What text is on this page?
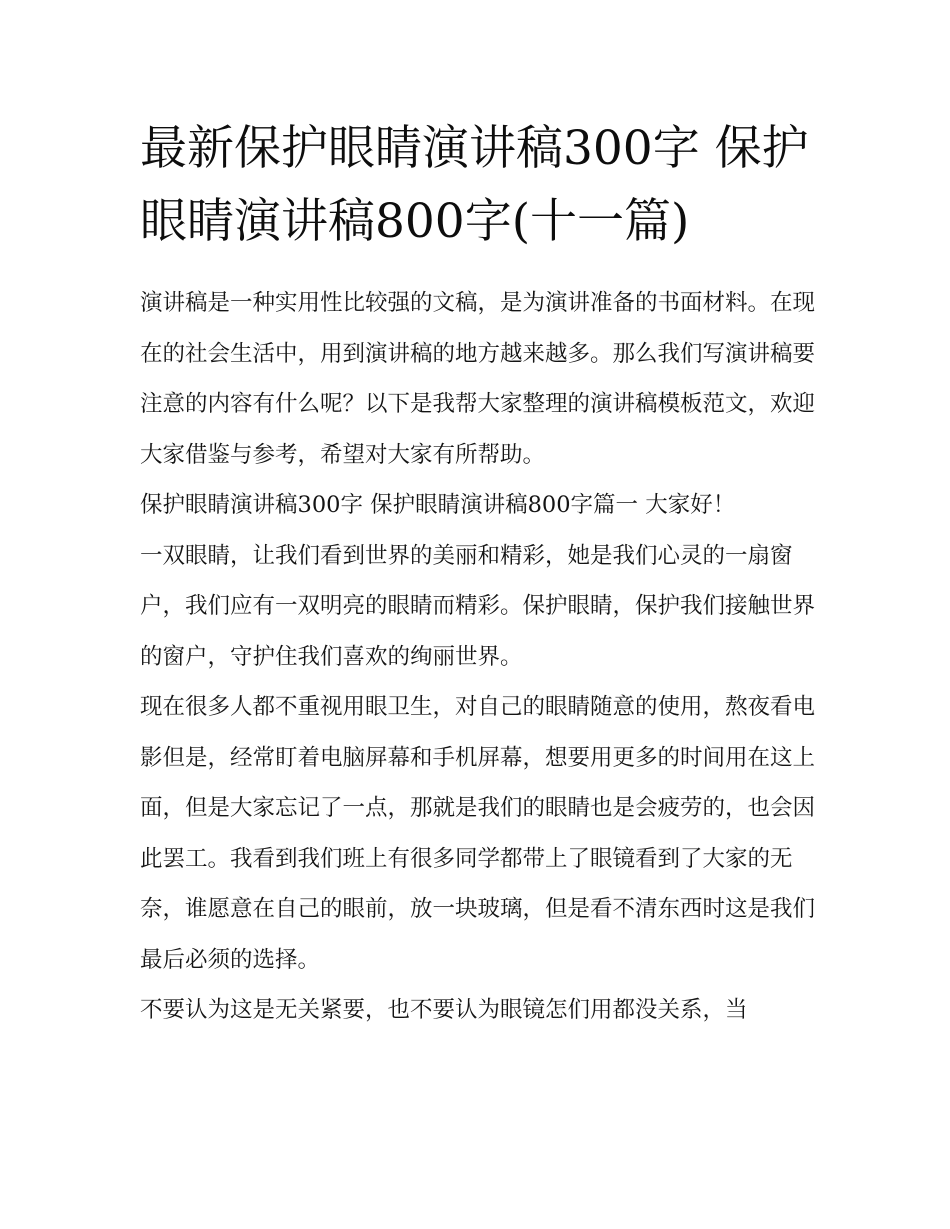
最新保护眼睛演讲稿300字 保护眼睛演讲稿800字(十一篇)

演讲稿是一种实用性比较强的文稿，是为演讲准备的书面材料。在现在的社会生活中，用到演讲稿的地方越来越多。那么我们写演讲稿要注意的内容有什么呢？以下是我帮大家整理的演讲稿模板范文，欢迎大家借鉴与参考，希望对大家有所帮助。

保护眼睛演讲稿300字 保护眼睛演讲稿800字篇一 大家好！

一双眼睛，让我们看到世界的美丽和精彩，她是我们心灵的一扇窗户，我们应有一双明亮的眼睛而精彩。保护眼睛，保护我们接触世界的窗户，守护住我们喜欢的绚丽世界。

现在很多人都不重视用眼卫生，对自己的眼睛随意的使用，熬夜看电影但是，经常盯着电脑屏幕和手机屏幕，想要用更多的时间用在这上面，但是大家忘记了一点，那就是我们的眼睛也是会疲劳的，也会因此罢工。我看到我们班上有很多同学都带上了眼镜看到了大家的无奈，谁愿意在自己的眼前，放一块玻璃，但是看不清东西时这是我们最后必须的选择。

不要认为这是无关紧要，也不要认为眼镜怎们用都没关系，当
